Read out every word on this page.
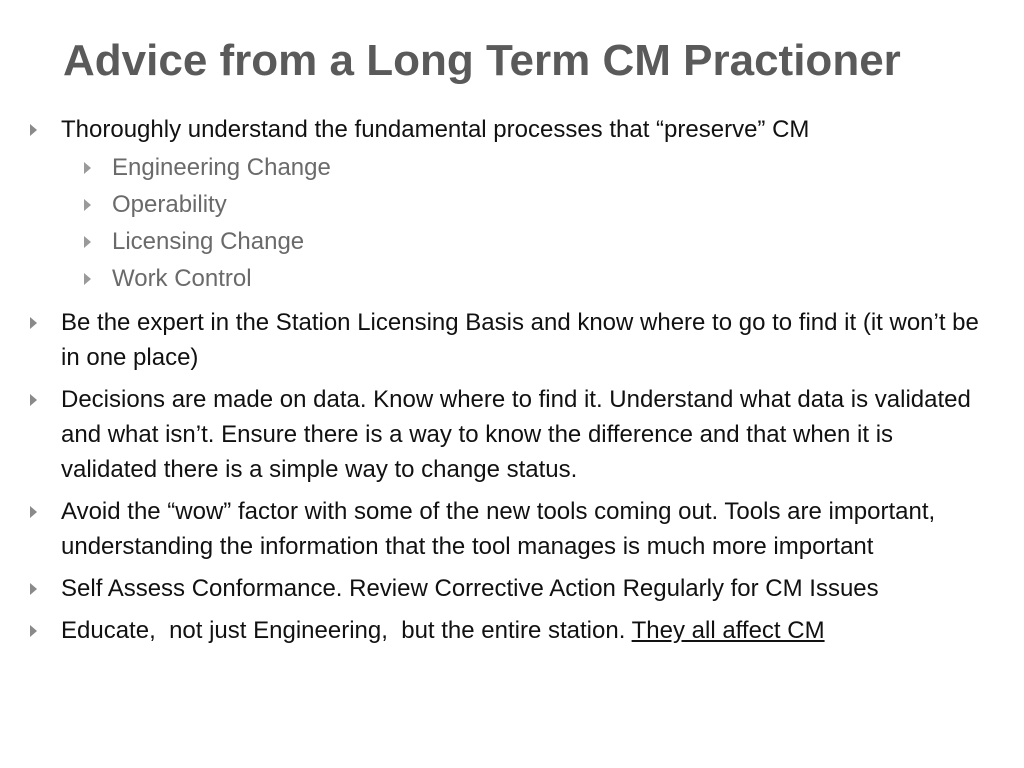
Advice from a Long Term CM Practioner
Thoroughly understand the fundamental processes that “preserve” CM
Engineering Change
Operability
Licensing Change
Work Control
Be the expert in the Station Licensing Basis and know where to go to find it (it won’t be in one place)
Decisions are made on data. Know where to find it. Understand what data is validated and what isn’t. Ensure there is a way to know the difference and that when it is validated there is a simple way to change status.
Avoid the “wow” factor with some of the new tools coming out. Tools are important, understanding the information that the tool manages is much more important
Self Assess Conformance. Review Corrective Action Regularly for CM Issues
Educate,  not just Engineering,  but the entire station. They all affect CM
